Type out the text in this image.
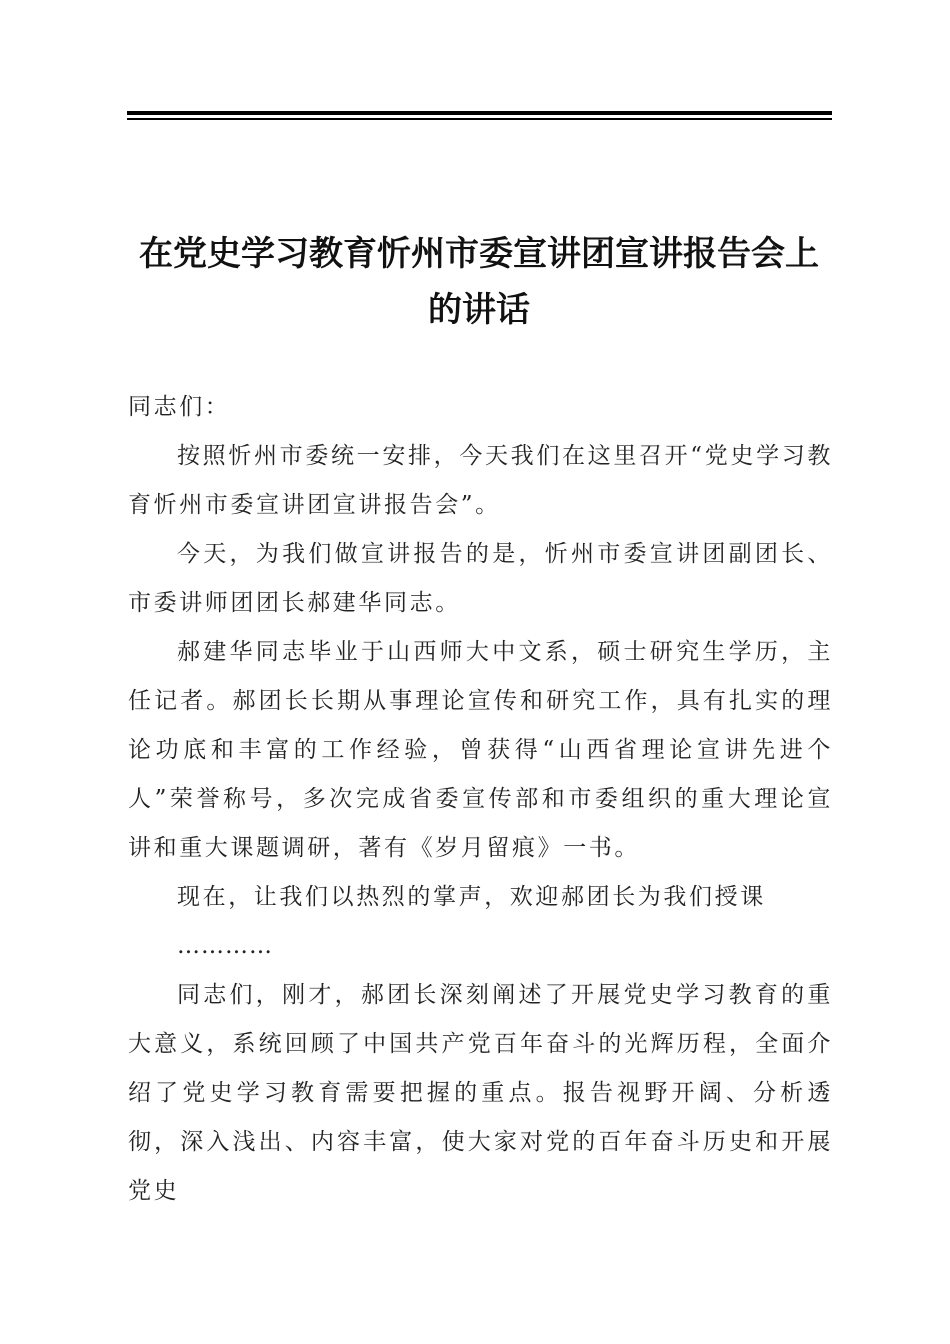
在党史学习教育忻州市委宣讲团宣讲报告会上
的讲话
同志们：

按照忻州市委统一安排，今天我们在这里召开“党史学习教育忻州市委宣讲团宣讲报告会”。

今天，为我们做宣讲报告的是，忻州市委宣讲团副团长、市委讲师团团长郝建华同志。

郝建华同志毕业于山西师大中文系，硕士研究生学历，主任记者。郝团长长期从事理论宣传和研究工作，具有扎实的理论功底和丰富的工作经验，曾获得“山西省理论宣讲先进个人”荣誉称号，多次完成省委宣传部和市委组织的重大理论宣讲和重大课题调研，著有《岁月留痕》一书。

现在，让我们以热烈的掌声，欢迎郝团长为我们授课

…………

同志们，刚才，郝团长深刻阐述了开展党史学习教育的重大意义，系统回顾了中国共产党百年奋斗的光辉历程，全面介绍了党史学习教育需要把握的重点。报告视野开阔、分析透彻，深入浅出、内容丰富，使大家对党的百年奋斗历史和开展党史
